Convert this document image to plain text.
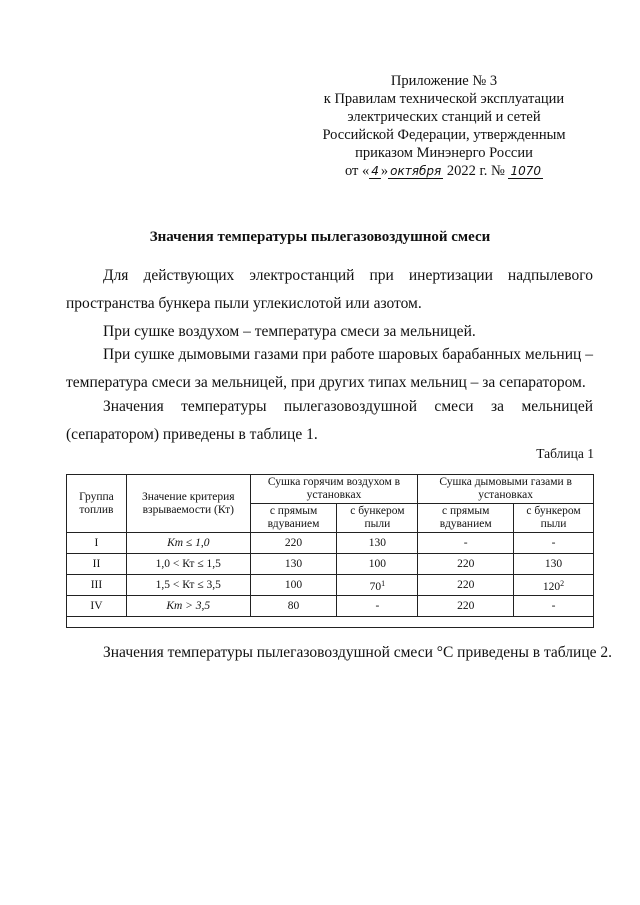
Приложение № 3
к Правилам технической эксплуатации
электрических станций и сетей
Российской Федерации, утвержденным
приказом Минэнерго России
от « 4 » октября 2022 г. № 1070
Значения температуры пылегазовоздушной смеси
Для действующих электростанций при инертизации надпылевого пространства бункера пыли углекислотой или азотом.
При сушке воздухом – температура смеси за мельницей.
При сушке дымовыми газами при работе шаровых барабанных мельниц – температура смеси за мельницей, при других типах мельниц – за сепаратором.
Значения температуры пылегазовоздушной смеси за мельницей (сепаратором) приведены в таблице 1.
Таблица 1
Группа топлив	Значение критерия взрываемости (Кт)	Сушка горячим воздухом в установках		Сушка дымовыми газами в установках	
		с прямым вдуванием	с бункером пыли	с прямым вдуванием	с бункером пыли
I	Кт ≤ 1,0	220	130	-	-
II	1,0 < Кт ≤ 1,5	130	100	220	130
III	1,5 < Кт ≤ 3,5	100	$70^1$	220	$120^2$
IV	Кт > 3,5	80	-	220	-

Значения температуры пылегазовоздушной смеси °С приведены в таблице 2.
